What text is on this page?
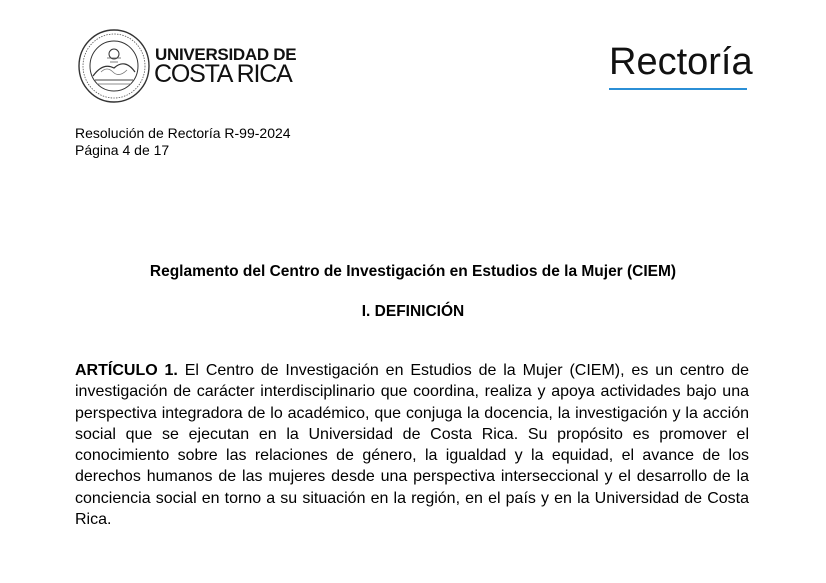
UNIVERSIDAD DE
COSTA RICA	Rectoría
Resolución de Rectoría R-99-2024
Página 4 de 17
Reglamento del Centro de Investigación en Estudios de la Mujer (CIEM)
I. DEFINICIÓN
ARTÍCULO 1. El Centro de Investigación en Estudios de la Mujer (CIEM), es un centro de investigación de carácter interdisciplinario que coordina, realiza y apoya actividades bajo una perspectiva integradora de lo académico, que conjuga la docencia, la investigación y la acción social que se ejecutan en la Universidad de Costa Rica. Su propósito es promover el conocimiento sobre las relaciones de género, la igualdad y la equidad, el avance de los derechos humanos de las mujeres desde una perspectiva interseccional y el desarrollo de la conciencia social en torno a su situación en la región, en el país y en la Universidad de Costa Rica.
